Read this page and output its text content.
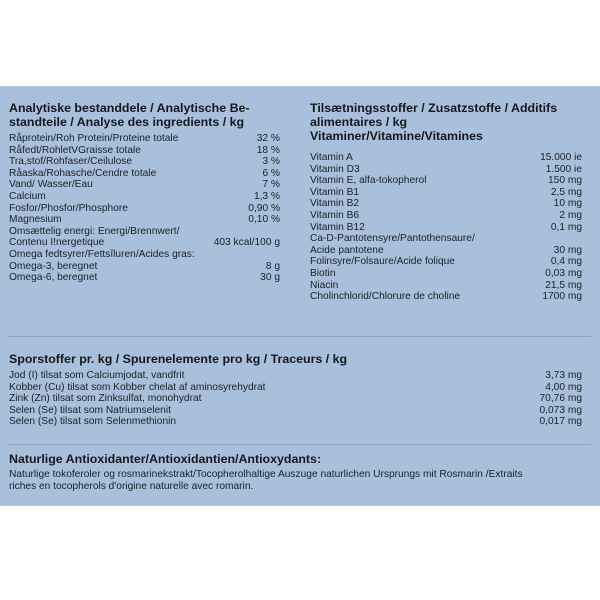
Analytiske bestanddele / Analytische Be-
standteile / Analyse des ingredients / kg
Råprotein/Roh Protein/Proteine totale	32 %
Råfedt/RohletVGraisse totale	18 %
Tra,stof/Rohfaser/Ceilulose	3 %
Råaska/Rohasche/Cendre totale	6 %
Vand/ Wasser/Eau	7 %
Calcium	1,3 %
Fosfor/Phosfor/Phosphore	0,90 %
Magnesium	0,10 %
Omsættelig energi: Energi/Brennwert/
Contenu I!nergetique	403 kcal/100 g
Omega fedtsyrer/Fettsîluren/Acides gras:
Omega-3, beregnet	8 g
Omega-6, beregnet	30 g
Tilsætningsstoffer / Zusatzstoffe / Additifs
alimentaires / kg
Vitaminer/Vitamine/Vitamines
Vitamin A	15.000 ie
Vitamin D3	1.500 ie
Vitamin E, alfa-tokopherol	150 mg
Vitamin B1	2,5 mg
Vitamin B2	10 mg
Vitamin B6	2 mg
Vitamin B12	0,1 mg
Ca-D-Pantotensyre/Pantothensaure/
Acide pantotene	30 mg
Folinsyre/Folsaure/Acide folique	0,4 mg
Biotin	0,03 mg
Niacin	21,5 mg
Cholinchlorid/Chlorure de choline	1700 mg
Sporstoffer pr. kg / Spurenelemente pro kg / Traceurs / kg
Jod (I) tilsat som Calciumjodat, vandfrit	3,73 mg
Kobber (Cu) tilsat som Kobber chelat af aminosyrehydrat	4,00 mg
Zink (Zn) tilsat som Zinksulfat, monohydrat	70,76 mg
Selen (Se) tilsat som Natriumselenit	0,073 mg
Selen (Se) tilsat som Selenmethionin	0,017 mg
Naturlige Antioxidanter/Antioxidantien/Antioxydants:
Naturlige tokoferoler og rosmarinekstrakt/Tocopherolhaltige Auszuge naturlichen Ursprungs mit Rosmarin /Extraits
riches en tocopherols d'origine naturelle avec romarin.
